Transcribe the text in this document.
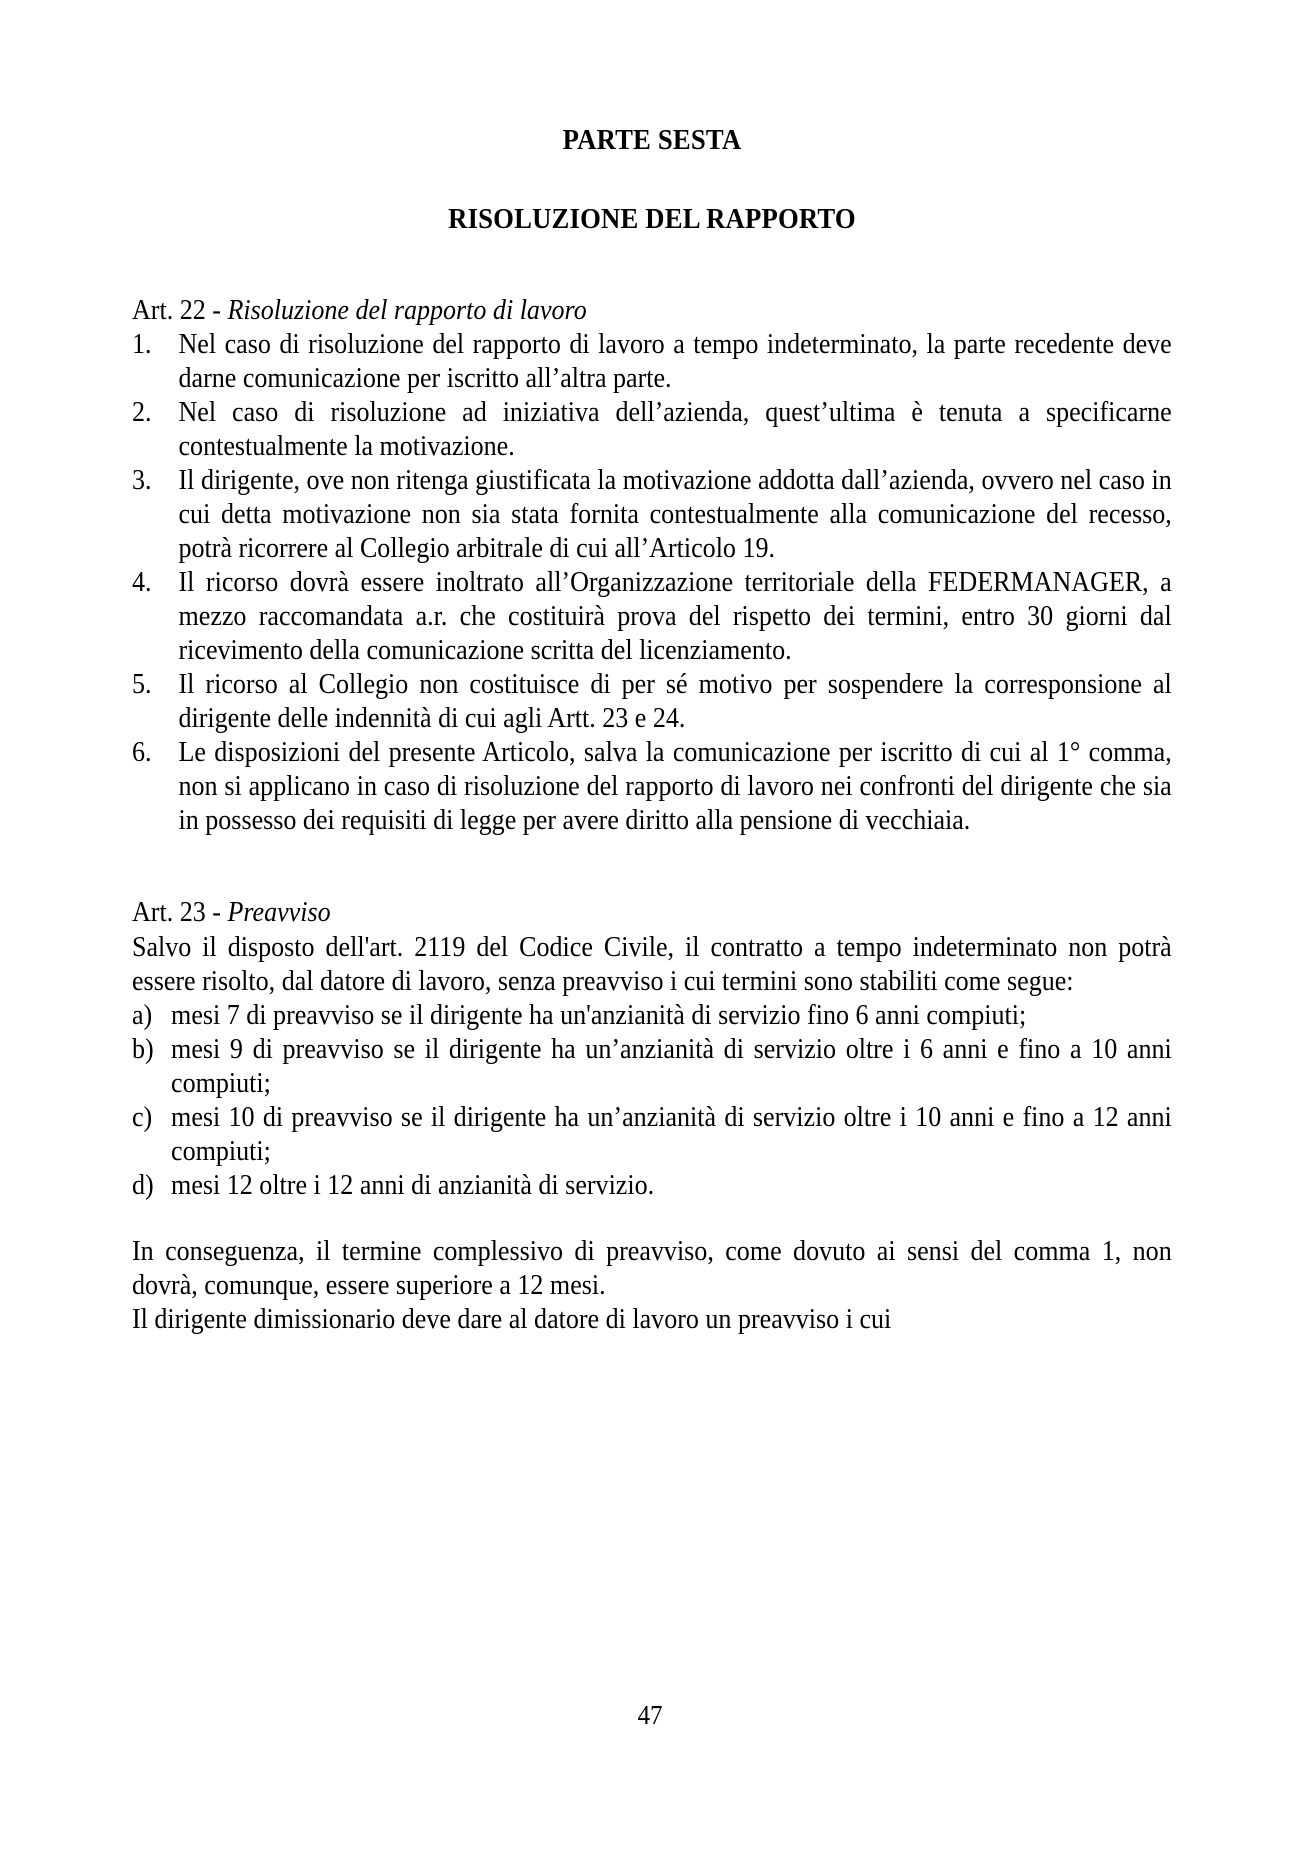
PARTE SESTA
RISOLUZIONE DEL RAPPORTO
Art. 22 - Risoluzione del rapporto di lavoro
1. Nel caso di risoluzione del rapporto di lavoro a tempo indeterminato, la parte recedente deve darne comunicazione per iscritto all’altra parte.
2. Nel caso di risoluzione ad iniziativa dell’azienda, quest’ultima è tenuta a specificarne contestualmente la motivazione.
3. Il dirigente, ove non ritenga giustificata la motivazione addotta dall’azienda, ovvero nel caso in cui detta motivazione non sia stata fornita contestualmente alla comunicazione del recesso, potrà ricorrere al Collegio arbitrale di cui all’Articolo 19.
4. Il ricorso dovrà essere inoltrato all’Organizzazione territoriale della FEDERMANAGER, a mezzo raccomandata a.r. che costituirà prova del rispetto dei termini, entro 30 giorni dal ricevimento della comunicazione scritta del licenziamento.
5. Il ricorso al Collegio non costituisce di per sé motivo per sospendere la corresponsione al dirigente delle indennità di cui agli Artt. 23 e 24.
6. Le disposizioni del presente Articolo, salva la comunicazione per iscritto di cui al 1° comma, non si applicano in caso di risoluzione del rapporto di lavoro nei confronti del dirigente che sia in possesso dei requisiti di legge per avere diritto alla pensione di vecchiaia.
Art. 23 - Preavviso

Salvo il disposto dell'art. 2119 del Codice Civile, il contratto a tempo indeterminato non potrà essere risolto, dal datore di lavoro, senza preavviso i cui termini sono stabiliti come segue:

a) mesi 7 di preavviso se il dirigente ha un'anzianità di servizio fino 6 anni compiuti;
b) mesi 9 di preavviso se il dirigente ha un’anzianità di servizio oltre i 6 anni e fino a 10 anni compiuti;
c) mesi 10 di preavviso se il dirigente ha un’anzianità di servizio oltre i 10 anni e fino a 12 anni compiuti;
d) mesi 12 oltre i 12 anni di anzianità di servizio.

In conseguenza, il termine complessivo di preavviso, come dovuto ai sensi del comma 1, non dovrà, comunque, essere superiore a 12 mesi.

Il dirigente dimissionario deve dare al datore di lavoro un preavviso i cui

47
